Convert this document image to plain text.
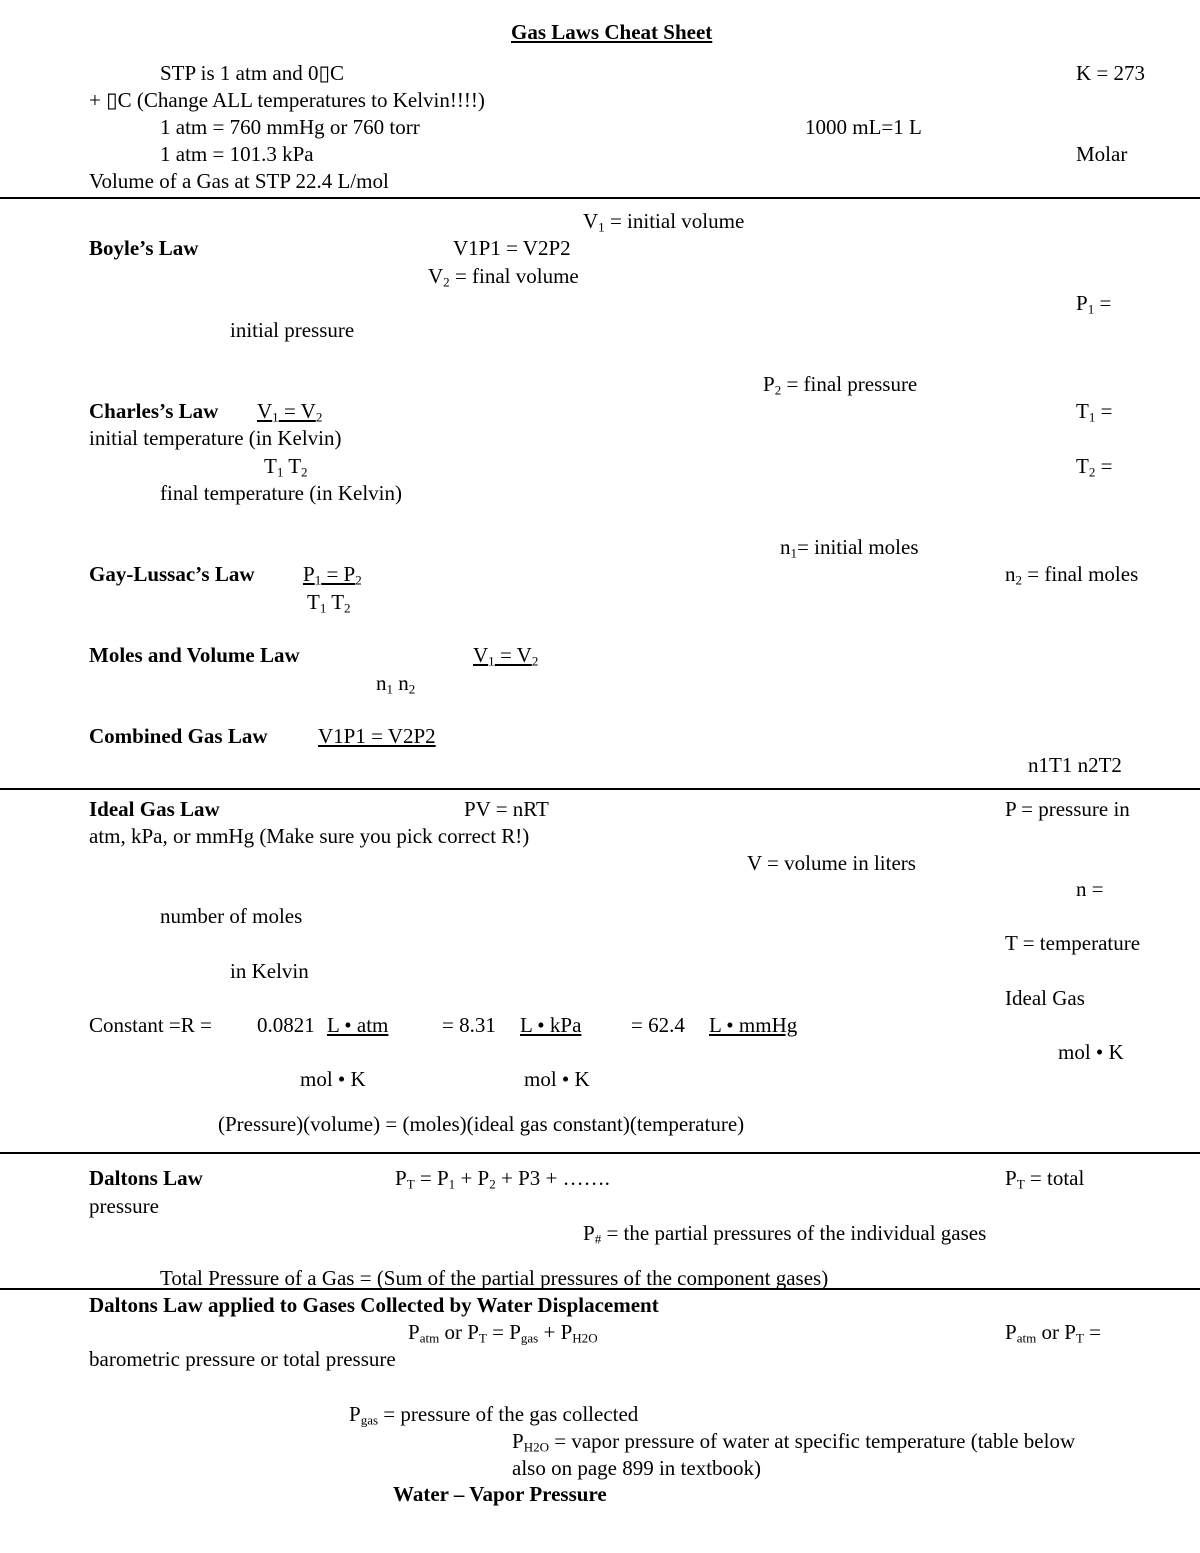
Gas Laws Cheat Sheet
STP is 1 atm and 0▯C	K = 273
+ ▯C (Change ALL temperatures to Kelvin!!!!)
1 atm = 760 mmHg or 760 torr	1000 mL=1 L
1 atm = 101.3 kPa	Molar
Volume of a Gas at STP 22.4 L/mol
$V_1$ = initial volume
Boyle’s Law	V1P1 = V2P2
$V_2$ = final volume
$P_1$ =
initial pressure
$P_2$ = final pressure
Charles’s Law $V_1 = V_2$	$T_1$ =
initial temperature (in Kelvin)
$T_1$ $T_2$	$T_2$ =
final temperature (in Kelvin)
$n_1=$ initial moles
Gay-Lussac’s Law $P_1 = P_2$	$n_2$ = final moles
$T_1$ $T_2$
Moles and Volume Law	$V_1 = V_2$
$n_1$ $n_2$
Combined Gas Law V1P1 = V2P2
n1T1 n2T2
Ideal Gas Law	PV = nRT	P = pressure in
atm, kPa, or mmHg (Make sure you pick correct R!)
V = volume in liters
n =
number of moles
T = temperature
in Kelvin
Ideal Gas
Constant =R = 0.0821 L • atm	= 8.31 L • kPa = 62.4 L • mmHg
mol • K
mol • K	mol • K
(Pressure)(volume) = (moles)(ideal gas constant)(temperature)
Daltons Law	$P_T = P_1 + P_2 + P3$ + …….	$P_T$ = total
pressure
$P_{\#}$ = the partial pressures of the individual gases
Total Pressure of a Gas = (Sum of the partial pressures of the component gases)
Daltons Law applied to Gases Collected by Water Displacement
$P_{atm}$ or $P_T = P_{gas} + P_{H2O}$	$P_{atm}$ or $P_T$ =
barometric pressure or total pressure
$P_{gas}$ = pressure of the gas collected
$P_{H2O}$ = vapor pressure of water at specific temperature (table below
also on page 899 in textbook)
Water – Vapor Pressure
